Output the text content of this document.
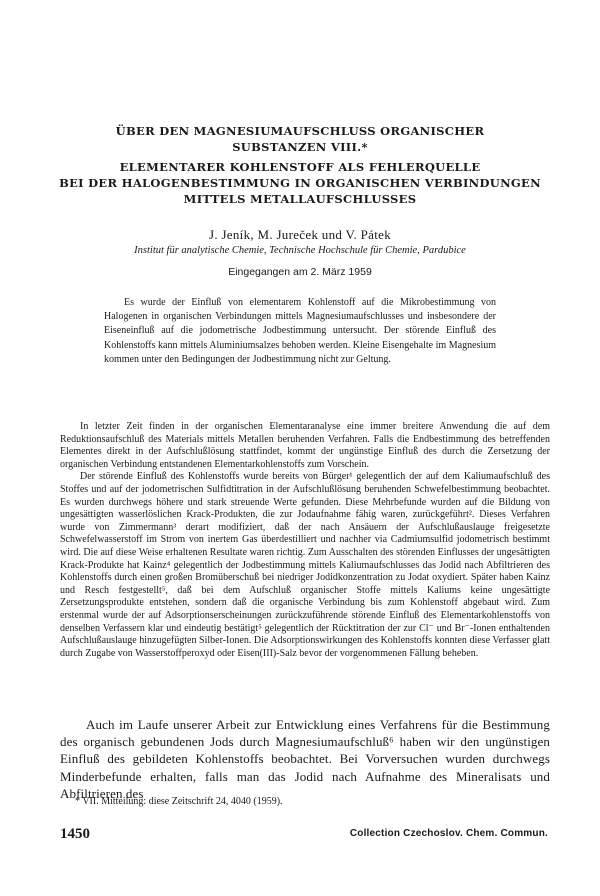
ÜBER DEN MAGNESIUMAUFSCHLUSS ORGANISCHER
SUBSTANZEN VIII.*
ELEMENTARER KOHLENSTOFF ALS FEHLERQUELLE
BEI DER HALOGENBESTIMMUNG IN ORGANISCHEN VERBINDUNGEN
MITTELS METALLAUFSCHLUSSES
J. Jeník, M. Jureček und V. Pátek
Institut für analytische Chemie, Technische Hochschule für Chemie, Pardubice
Eingegangen am 2. März 1959

Es wurde der Einfluß von elementarem Kohlenstoff auf die Mikrobestimmung von Halogenen in organischen Verbindungen mittels Magnesiumaufschlusses und insbesondere der Eiseneinfluß auf die jodometrische Jodbestimmung untersucht. Der störende Einfluß des Kohlenstoffs kann mittels Aluminiumsalzes behoben werden. Kleine Eisengehalte im Magnesium kommen unter den Bedingungen der Jodbestimmung nicht zur Geltung.

In letzter Zeit finden in der organischen Elementaranalyse eine immer breitere Anwendung die auf dem Reduktionsaufschluß des Materials mittels Metallen beruhenden Verfahren. Falls die Endbestimmung des betreffenden Elementes direkt in der Aufschlußlösung stattfindet, kommt der ungünstige Einfluß des durch die Zersetzung der organischen Verbindung entstandenen Elementarkohlenstoffs zum Vorschein.

Der störende Einfluß des Kohlenstoffs wurde bereits von Bürger¹ gelegentlich der auf dem Kaliumaufschluß des Stoffes und auf der jodometrischen Sulfidtitration in der Aufschlußlösung beruhenden Schwefelbestimmung beobachtet. Es wurden durchwegs höhere und stark streuende Werte gefunden. Diese Mehrbefunde wurden auf die Bildung von ungesättigten wasserlöslichen Krack-Produkten, die zur Jodaufnahme fähig waren, zurückgeführt². Dieses Verfahren wurde von Zimmermann³ derart modifiziert, daß der nach Ansäuern der Aufschlußauslauge freigesetzte Schwefelwasserstoff im Strom von inertem Gas überdestilliert und nachher via Cadmiumsulfid jodometrisch bestimmt wird. Die auf diese Weise erhaltenen Resultate waren richtig. Zum Ausschalten des störenden Einflusses der ungesättigten Krack-Produkte hat Kainz⁴ gelegentlich der Jodbestimmung mittels Kaliumaufschlusses das Jodid nach Abfiltrieren des Kohlenstoffs durch einen großen Bromüberschuß bei niedriger Jodidkonzentration zu Jodat oxydiert. Später haben Kainz und Resch festgestellt⁵, daß bei dem Aufschluß organischer Stoffe mittels Kaliums keine ungesättigte Zersetzungsprodukte entstehen, sondern daß die organische Verbindung bis zum Kohlenstoff abgebaut wird. Zum erstenmal wurde der auf Adsorptionserscheinungen zurückzuführende störende Einfluß des Elementarkohlenstoffs von denselben Verfassern klar und eindeutig bestätigt⁵ gelegentlich der Rücktitration der zur Cl⁻ und Br⁻-Ionen enthaltenden Aufschlußauslauge hinzugefügten Silber-Ionen. Die Adsorptionswirkungen des Kohlenstoffs konnten diese Verfasser glatt durch Zugabe von Wasserstoffperoxyd oder Eisen(III)-Salz bevor der vorgenommenen Fällung beheben.

Auch im Laufe unserer Arbeit zur Entwicklung eines Verfahrens für die Bestimmung des organisch gebundenen Jods durch Magnesiumaufschluß⁶ haben wir den ungünstigen Einfluß des gebildeten Kohlenstoffs beobachtet. Bei Vorversuchen wurden durchwegs Minderbefunde erhalten, falls man das Jodid nach Aufnahme des Mineralisats und Abfiltrieren des

* VII. Mitteilung: diese Zeitschrift 24, 4040 (1959).
1450	Collection Czechoslov. Chem. Commun.
